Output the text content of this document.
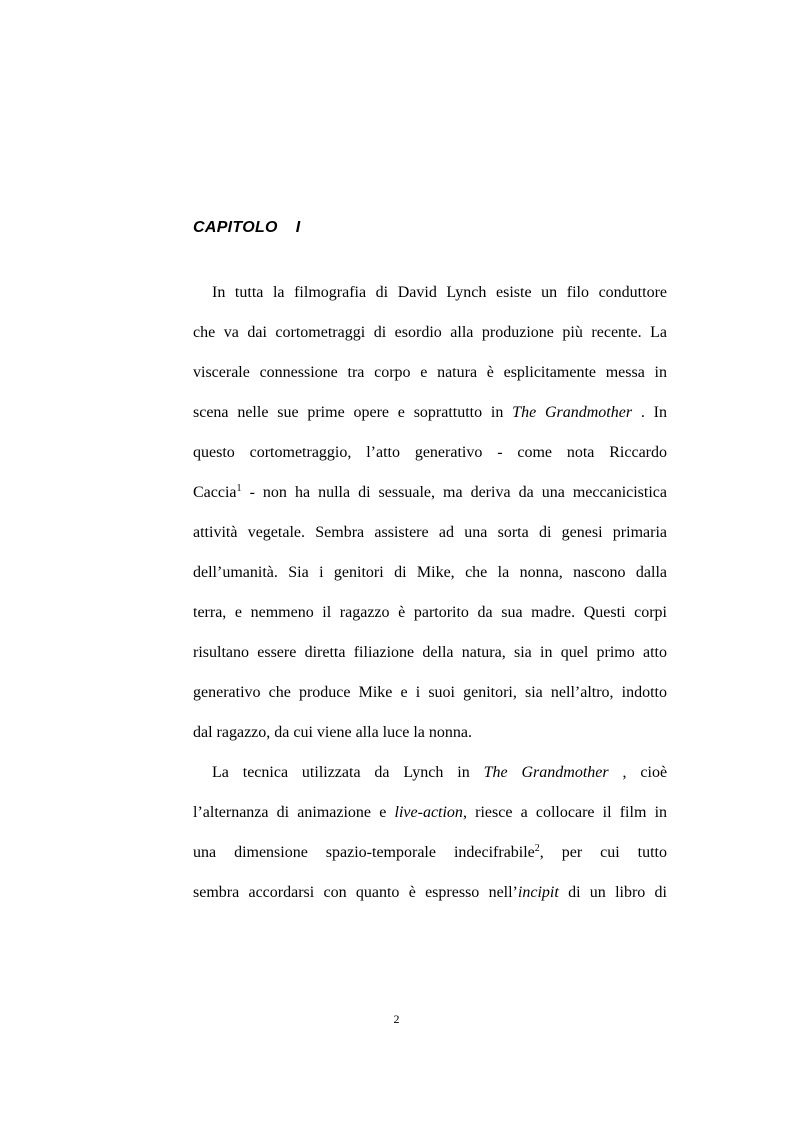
CAPITOLO I
In tutta la filmografia di David Lynch esiste un filo conduttore
che va dai cortometraggi di esordio alla produzione più recente. La
viscerale connessione tra corpo e natura è esplicitamente messa in
scena nelle sue prime opere e soprattutto in The Grandmother . In
questo cortometraggio, l’atto generativo - come nota Riccardo
Caccia$^1$ - non ha nulla di sessuale, ma deriva da una meccanicistica
attività vegetale. Sembra assistere ad una sorta di genesi primaria
dell’umanità. Sia i genitori di Mike, che la nonna, nascono dalla
terra, e nemmeno il ragazzo è partorito da sua madre. Questi corpi
risultano essere diretta filiazione della natura, sia in quel primo atto
generativo che produce Mike e i suoi genitori, sia nell’altro, indotto
dal ragazzo, da cui viene alla luce la nonna.
La tecnica utilizzata da Lynch in The Grandmother , cioè
l’alternanza di animazione e live-action, riesce a collocare il film in
una dimensione spazio-temporale indecifrabile$^2$, per cui tutto
sembra accordarsi con quanto è espresso nell’incipit di un libro di
2
